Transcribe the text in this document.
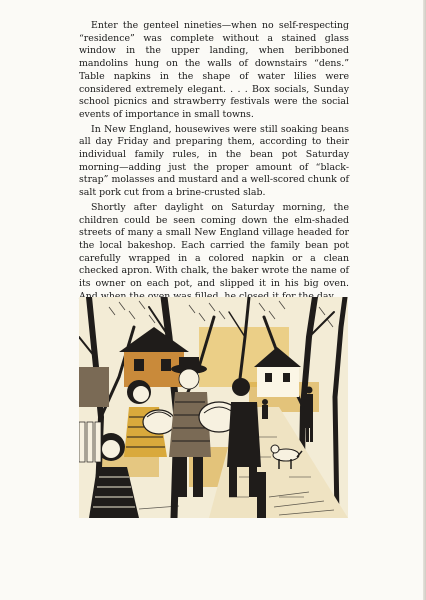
Enter the genteel nineties—when no self-respecting “residence” was complete without a stained glass window in the upper landing, when beribboned mandolins hung on the walls of downstairs “dens.” Table napkins in the shape of water lilies were considered extremely elegant. . . . Box socials, Sunday school picnics and strawberry festivals were the social events of importance in small towns.

In New England, housewives were still soaking beans all day Friday and preparing them, according to their individual family rules, in the bean pot Saturday morning—adding just the proper amount of “black-strap” molasses and mustard and a well-scored chunk of salt pork cut from a brine-crusted slab.

Shortly after daylight on Saturday morning, the children could be seen coming down the elm-shaded streets of many a small New England village headed for the local bakeshop. Each carried the family bean pot carefully wrapped in a colored napkin or a clean checked apron. With chalk, the baker wrote the name of its owner on each pot, and slipped it in his big oven.
